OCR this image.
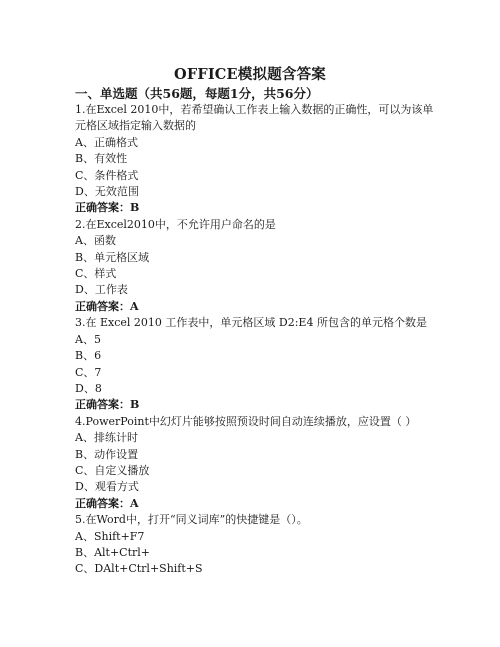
OFFICE模拟题含答案
一、单选题（共56题，每题1分，共56分）

1.在Excel 2010中，若希望确认工作表上输入数据的正确性，可以为该单元格区域指定输入数据的

A、正确格式

B、有效性

C、条件格式

D、无效范围

正确答案：B

2.在Excel2010中，不允许用户命名的是

A、函数

B、单元格区域

C、样式

D、工作表

正确答案：A

3.在 Excel 2010 工作表中，单元格区域 D2:E4 所包含的单元格个数是

A、5

B、6

C、7

D、8

正确答案：B

4.PowerPoint中幻灯片能够按照预设时间自动连续播放，应设置（ ）

A、排练计时

B、动作设置

C、自定义播放

D、观看方式

正确答案：A

5.在Word中，打开“同义词库”的快捷键是（）。

A、Shift+F7

B、Alt+Ctrl+

C、DAlt+Ctrl+Shift+S
